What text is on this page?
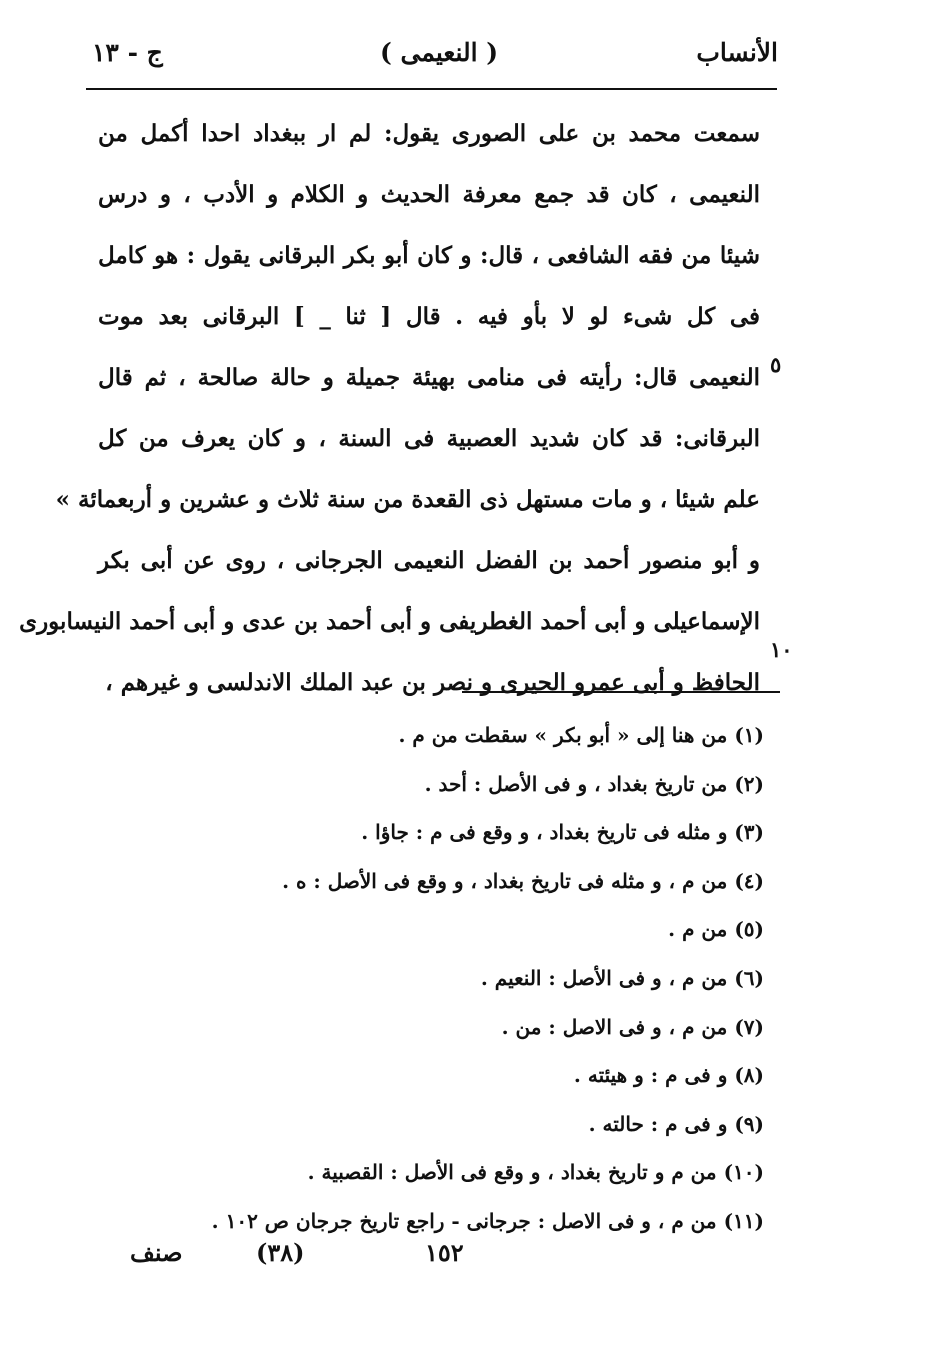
الأنساب
( النعيمى )
ج - ١٣
سمعت محمد بن على الصورى يقول: لم ار ببغداد احدا أكمل من
النعيمى ، كان قد جمع معرفة الحديث و الكلام و الأدب ، و درس
شيئا من فقه الشافعى ، قال: و كان أبو بكر البرقانى يقول : هو كامل
فى كل شىء لو لا بأو فيه . قال [ ثنا _ ] البرقانى بعد موت
النعيمى قال: رأيته فى منامى بهيئة جميلة و حالة صالحة ، ثم قال
البرقانى: قد كان شديد العصبية فى السنة ، و كان يعرف من كل
علم شيئا ، و مات مستهل ذى القعدة من سنة ثلاث و عشرين و أربعمائة »
و أبو منصور أحمد بن الفضل النعيمى الجرجانى ، روى عن أبى بكر
الإسماعيلى و أبى أحمد الغطريفى و أبى أحمد بن عدى و أبى أحمد النيسابورى
الحافظ و أبى عمرو الحيرى و نصر بن عبد الملك الاندلسى و غيرهم ،
٥
١٠
(١) من هنا إلى « أبو بكر » سقطت من م .
(٢) من تاريخ بغداد ، و فى الأصل : أحد .
(٣) و مثله فى تاريخ بغداد ، و وقع فى م : جاؤا .
(٤) من م ، و مثله فى تاريخ بغداد ، و وقع فى الأصل : ه .
(٥) من م .
(٦) من م ، و فى الأصل : النعيم .
(٧) من م ، و فى الاصل : من .
(٨) و فى م : و هيئته .
(٩) و فى م : حالته .
(١٠) من م و تاريخ بغداد ، و وقع فى الأصل : القصبية .
(١١) من م ، و فى الاصل : جرجانى - راجع تاريخ جرجان ص ١٠٢ .
١٥٢
(٣٨)
صنف
